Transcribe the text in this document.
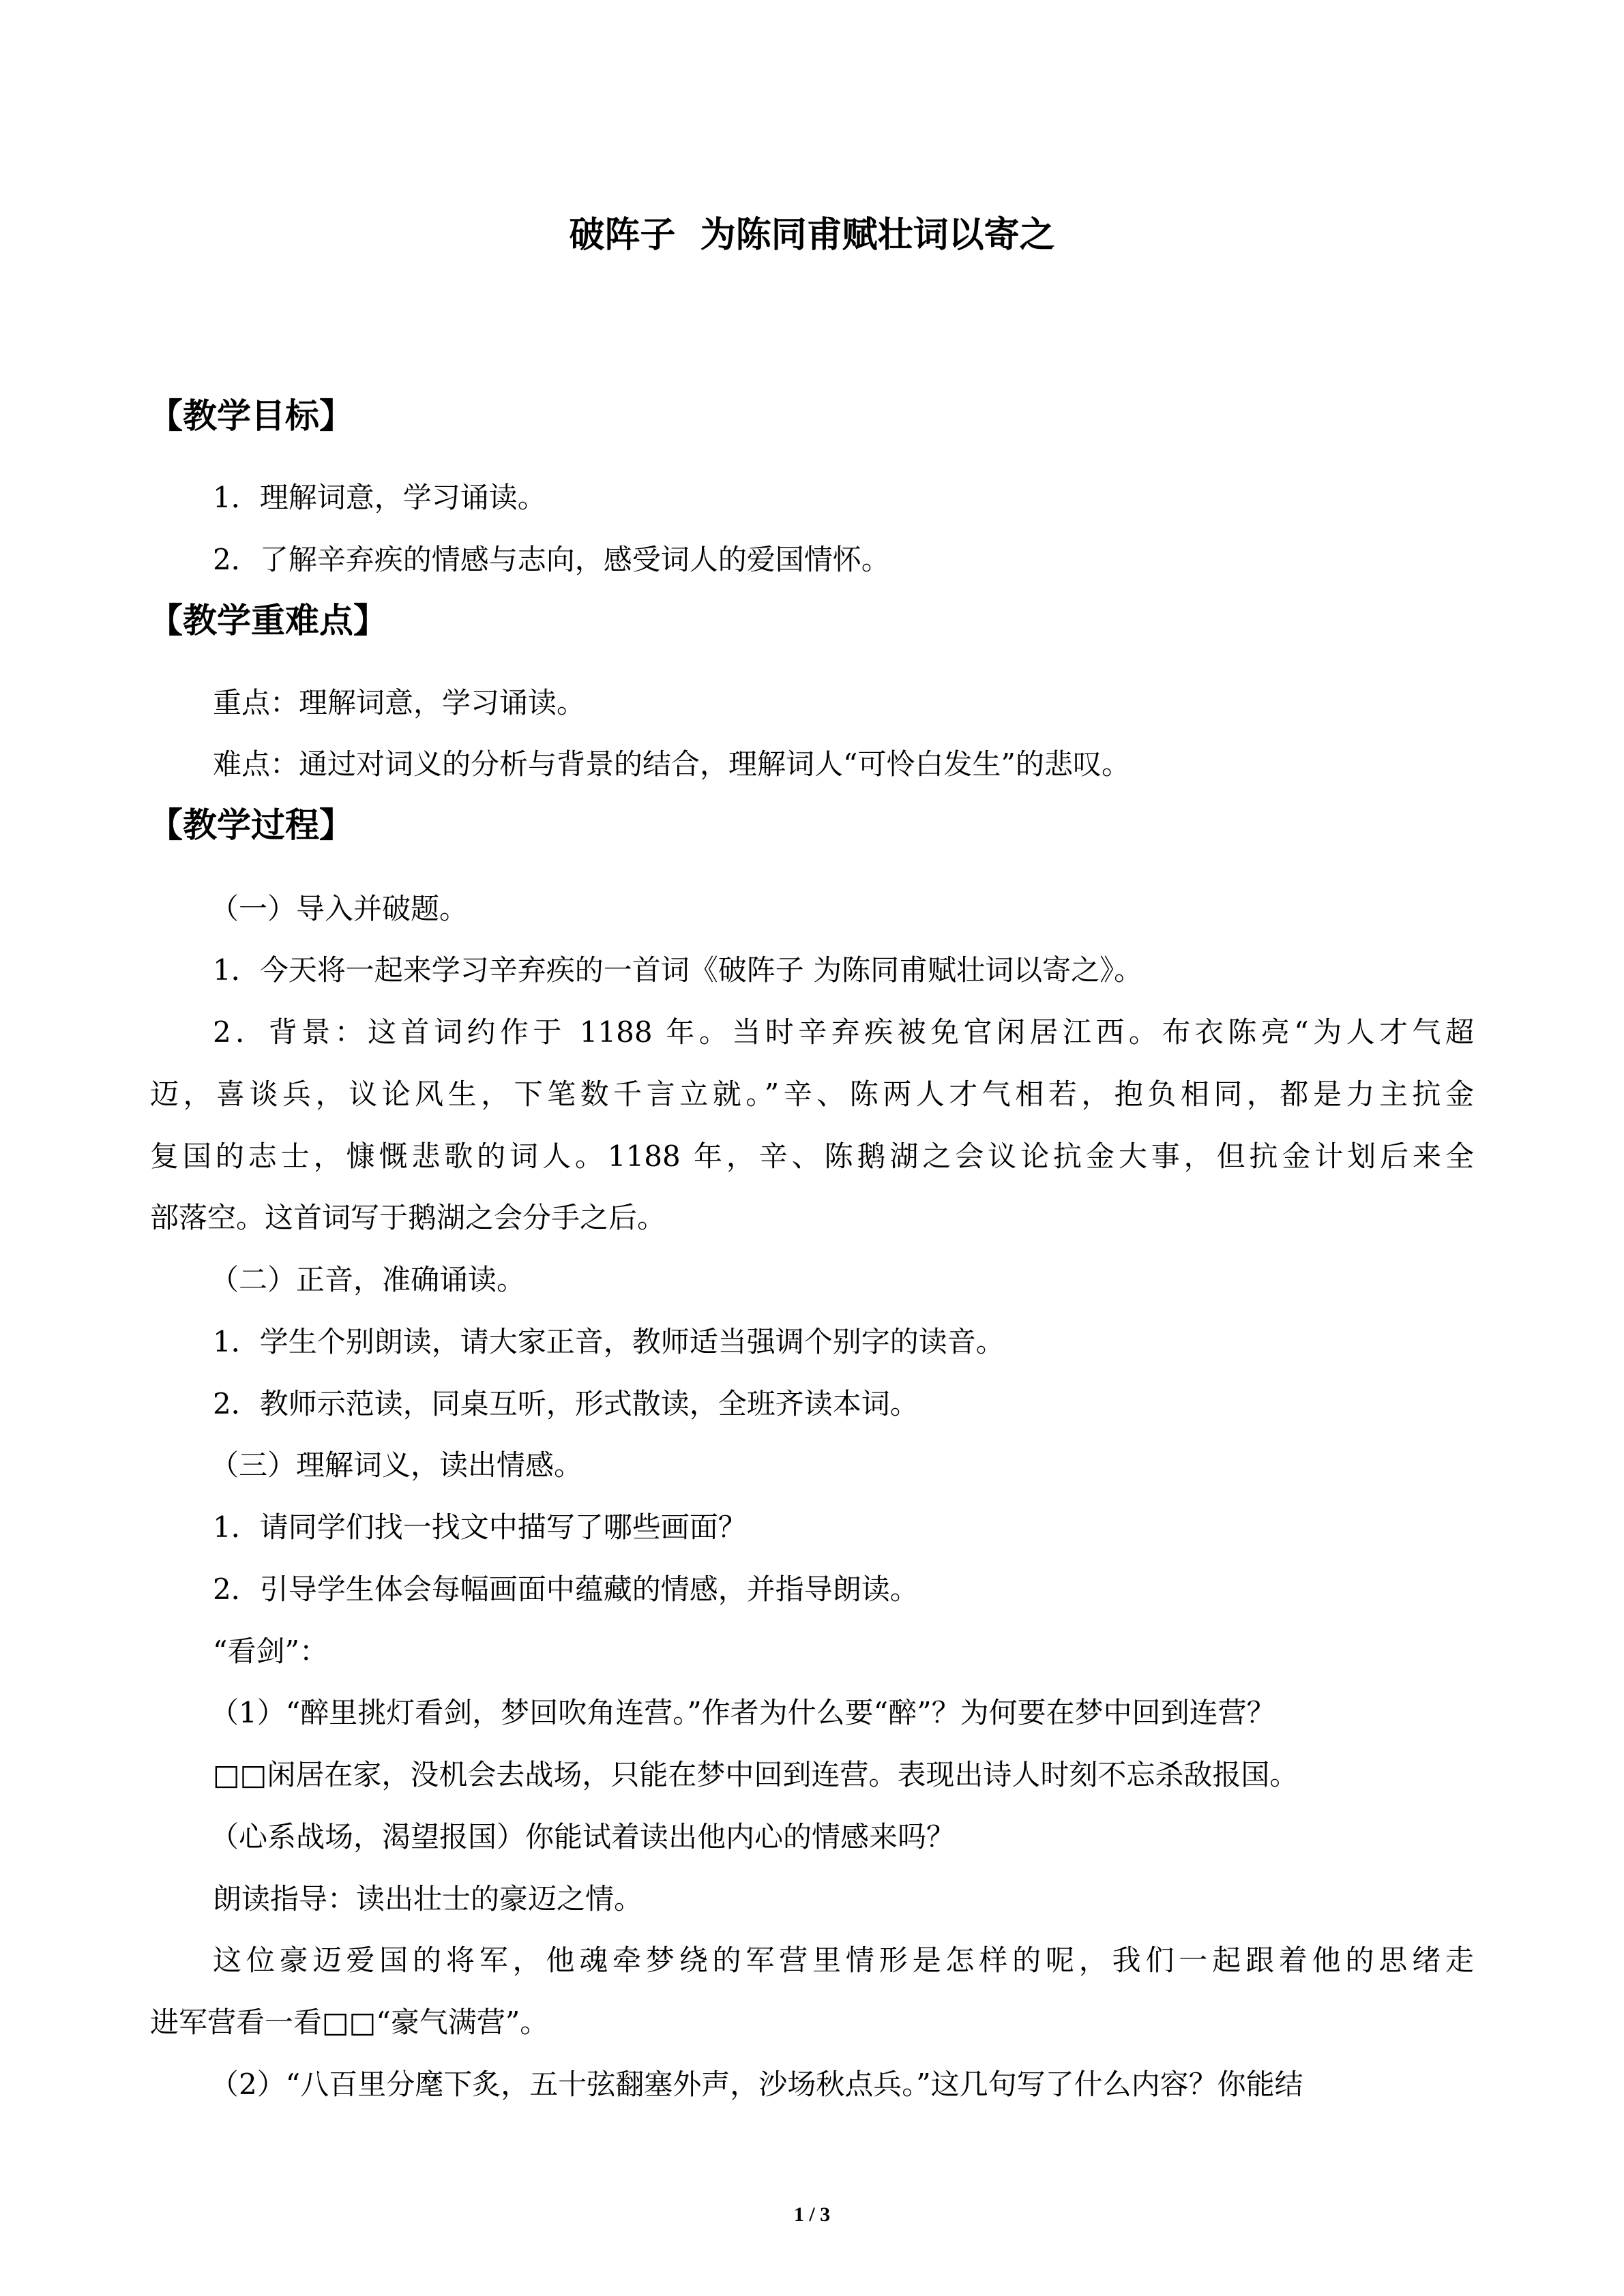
破阵子  为陈同甫赋壮词以寄之
【教学目标】
【教学重难点】
【教学过程】
1．理解词意，学习诵读。
2．了解辛弃疾的情感与志向，感受词人的爱国情怀。
重点：理解词意，学习诵读。
难点：通过对词义的分析与背景的结合，理解词人“可怜白发生”的悲叹。
（一）导入并破题。
1．今天将一起来学习辛弃疾的一首词《破阵子 为陈同甫赋壮词以寄之》。
2．背景：这首词约作于 1188 年。当时辛弃疾被免官闲居江西。布衣陈亮“为人才气超
迈，喜谈兵，议论风生，下笔数千言立就。”辛、陈两人才气相若，抱负相同，都是力主抗金
复国的志士，慷慨悲歌的词人。1188 年，辛、陈鹅湖之会议论抗金大事，但抗金计划后来全
部落空。这首词写于鹅湖之会分手之后。
（二）正音，准确诵读。
1．学生个别朗读，请大家正音，教师适当强调个别字的读音。
2．教师示范读，同桌互听，形式散读，全班齐读本词。
（三）理解词义，读出情感。
1．请同学们找一找文中描写了哪些画面？
2．引导学生体会每幅画面中蕴藏的情感，并指导朗读。
“看剑”：
（1）“醉里挑灯看剑，梦回吹角连营。”作者为什么要“醉”？为何要在梦中回到连营？
□□闲居在家，没机会去战场，只能在梦中回到连营。表现出诗人时刻不忘杀敌报国。
（心系战场，渴望报国）你能试着读出他内心的情感来吗？
朗读指导：读出壮士的豪迈之情。
这位豪迈爱国的将军，他魂牵梦绕的军营里情形是怎样的呢，我们一起跟着他的思绪走
进军营看一看□□“豪气满营”。
（2）“八百里分麾下炙，五十弦翻塞外声，沙场秋点兵。”这几句写了什么内容？你能结
1 / 3
